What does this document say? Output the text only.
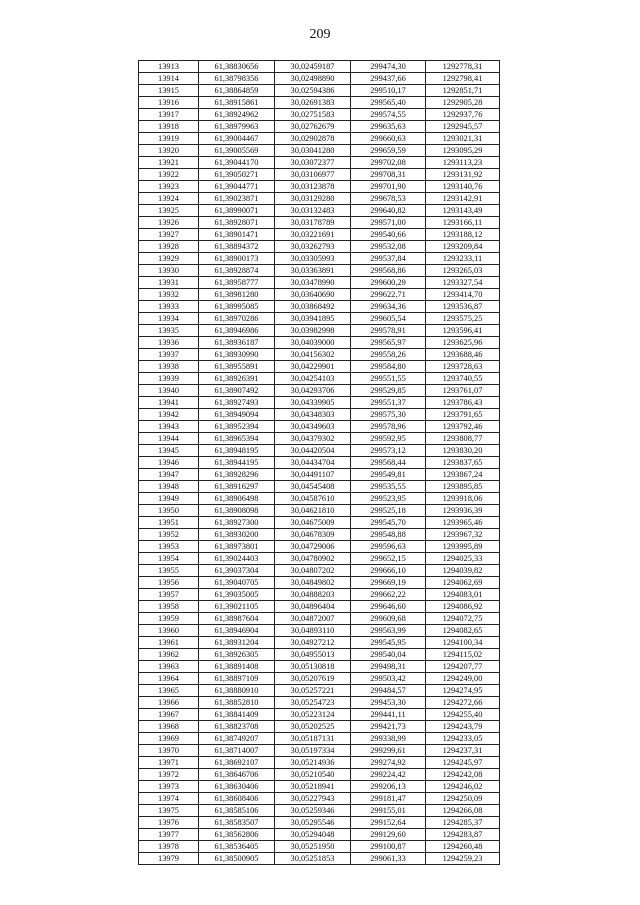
209
13913	61,38830656	30,02459187	299474,30	1292778,31
13914	61,38798356	30,02498890	299437,66	1292798,41
13915	61,38864859	30,02594386	299510,17	1292851,71
13916	61,38915861	30,02691383	299565,40	1292905,28
13917	61,38924962	30,02751583	299574,55	1292937,76
13918	61,38979963	30,02762679	299635,63	1292945,57
13919	61,39004467	30,02902878	299660,63	1293021,31
13920	61,39005569	30,03041280	299659,59	1293095,29
13921	61,39044170	30,03072377	299702,08	1293113,23
13922	61,39050271	30,03106977	299708,31	1293131,92
13923	61,39044771	30,03123878	299701,90	1293140,76
13924	61,39023871	30,03129280	299678,53	1293142,91
13925	61,38990071	30,03132483	299640,82	1293143,49
13926	61,38928071	30,03178789	299571,00	1293166,11
13927	61,38901471	30,03221691	299540,66	1293188,12
13928	61,38894372	30,03262793	299532,08	1293209,84
13929	61,38900173	30,03305993	299537,84	1293233,11
13930	61,38928874	30,03363891	299568,86	1293265,03
13931	61,38958777	30,03478990	299600,29	1293327,54
13932	61,38981280	30,03640690	299622,71	1293414,70
13933	61,38995085	30,03868492	299634,36	1293536,87
13934	61,38970286	30,03941895	299605,54	1293575,25
13935	61,38946986	30,03982998	299578,91	1293596,41
13936	61,38936187	30,04039000	299565,97	1293625,96
13937	61,38930990	30,04156302	299558,26	1293688,46
13938	61,38955891	30,04229901	299584,80	1293728,63
13939	61,38926391	30,04254103	299551,55	1293740,55
13940	61,38907492	30,04293706	299529,85	1293761,07
13941	61,38927493	30,04339905	299551,37	1293786,43
13942	61,38949094	30,04348303	299575,30	1293791,65
13943	61,38952394	30,04349603	299578,96	1293792,46
13944	61,38965394	30,04379302	299592,95	1293808,77
13945	61,38948195	30,04420504	299573,12	1293830,20
13946	61,38944195	30,04434704	299568,44	1293837,65
13947	61,38928296	30,04491107	299549,81	1293867,24
13948	61,38916297	30,04545408	299535,55	1293895,85
13949	61,38906498	30,04587610	299523,95	1293918,06
13950	61,38908098	30,04621810	299525,18	1293936,39
13951	61,38927300	30,04675009	299545,70	1293965,46
13952	61,38930200	30,04678309	299548,88	1293967,32
13953	61,38973801	30,04729006	299596,63	1293995,89
13954	61,39024403	30,04780902	299652,15	1294025,33
13955	61,39037304	30,04807202	299666,10	1294039,82
13956	61,39040705	30,04849802	299669,19	1294062,69
13957	61,39035005	30,04888203	299662,22	1294083,01
13958	61,39021105	30,04896404	299646,60	1294086,92
13959	61,38987604	30,04872007	299609,68	1294072,75
13960	61,38946904	30,04893110	299563,99	1294082,65
13961	61,38931204	30,04927212	299545,95	1294100,34
13962	61,38926305	30,04955013	299540,04	1294115,02
13963	61,38891408	30,05130818	299498,31	1294207,77
13964	61,38897109	30,05207619	299503,42	1294249,00
13965	61,38880910	30,05257221	299484,57	1294274,95
13966	61,38852810	30,05254723	299453,30	1294272,66
13967	61,38841409	30,05223124	299441,11	1294255,40
13968	61,38823708	30,05202525	299421,73	1294243,79
13969	61,38749207	30,05187131	299338,99	1294233,05
13970	61,38714007	30,05197334	299299,61	1294237,31
13971	61,38692107	30,05214936	299274,92	1294245,97
13972	61,38646706	30,05210540	299224,42	1294242,08
13973	61,38630406	30,05218941	299206,13	1294246,02
13974	61,38608406	30,05227943	299181,47	1294250,09
13975	61,38585106	30,05259346	299155,01	1294266,08
13976	61,38583507	30,05295546	299152,64	1294285,37
13977	61,38562806	30,05294048	299129,60	1294283,87
13978	61,38536405	30,05251950	299100,87	1294260,48
13979	61,38500905	30,05251853	299061,33	1294259,23
